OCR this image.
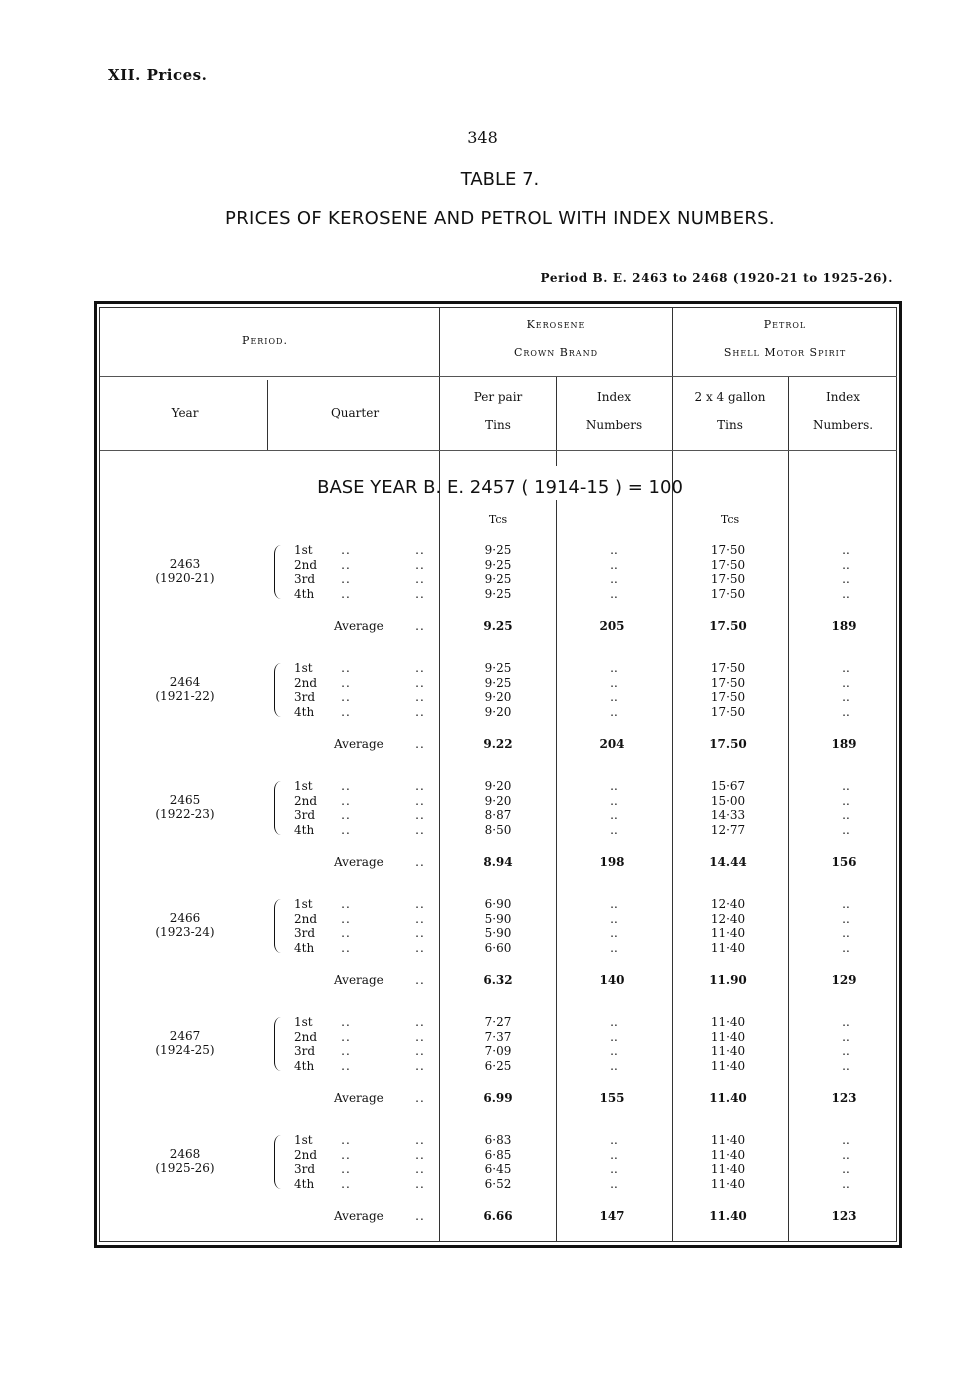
XII. Prices.
348
TABLE 7.
PRICES OF KEROSENE AND PETROL WITH INDEX NUMBERS.
Period B. E. 2463 to 2468 (1920-21 to 1925-26).
Period.
Kerosene
Crown Brand
Petrol
Shell Motor Spirit
Year	Quarter
Per pair
Tins
Index
Numbers
2 x 4 gallon
Tins
Index
Numbers.
BASE YEAR B. E. 2457 ( 1914-15 ) = 100
Tcs	Tcs
2463
(1920-21)
1st	..	..	9·25	..	17·50	..
2nd	..	..	9·25	..	17·50	..
3rd	..	..	9·25	..	17·50	..
4th	..	..	9·25	..	17·50	..
Average	..	9.25	205	17.50	189
2464
(1921-22)
1st	..	..	9·25	..	17·50	..
2nd	..	..	9·25	..	17·50	..
3rd	..	..	9·20	..	17·50	..
4th	..	..	9·20	..	17·50	..
Average	..	9.22	204	17.50	189
2465
(1922-23)
1st	..	..	9·20	..	15·67	..
2nd	..	..	9·20	..	15·00	..
3rd	..	..	8·87	..	14·33	..
4th	..	..	8·50	..	12·77	..
Average	..	8.94	198	14.44	156
2466
(1923-24)
1st	..	..	6·90	..	12·40	..
2nd	..	..	5·90	..	12·40	..
3rd	..	..	5·90	..	11·40	..
4th	..	..	6·60	..	11·40	..
Average	..	6.32	140	11.90	129
2467
(1924-25)
1st	..	..	7·27	..	11·40	..
2nd	..	..	7·37	..	11·40	..
3rd	..	..	7·09	..	11·40	..
4th	..	..	6·25	..	11·40	..
Average	..	6.99	155	11.40	123
2468
(1925-26)
1st	..	..	6·83	..	11·40	..
2nd	..	..	6·85	..	11·40	..
3rd	..	..	6·45	..	11·40	..
4th	..	..	6·52	..	11·40	..
Average	..	6.66	147	11.40	123
